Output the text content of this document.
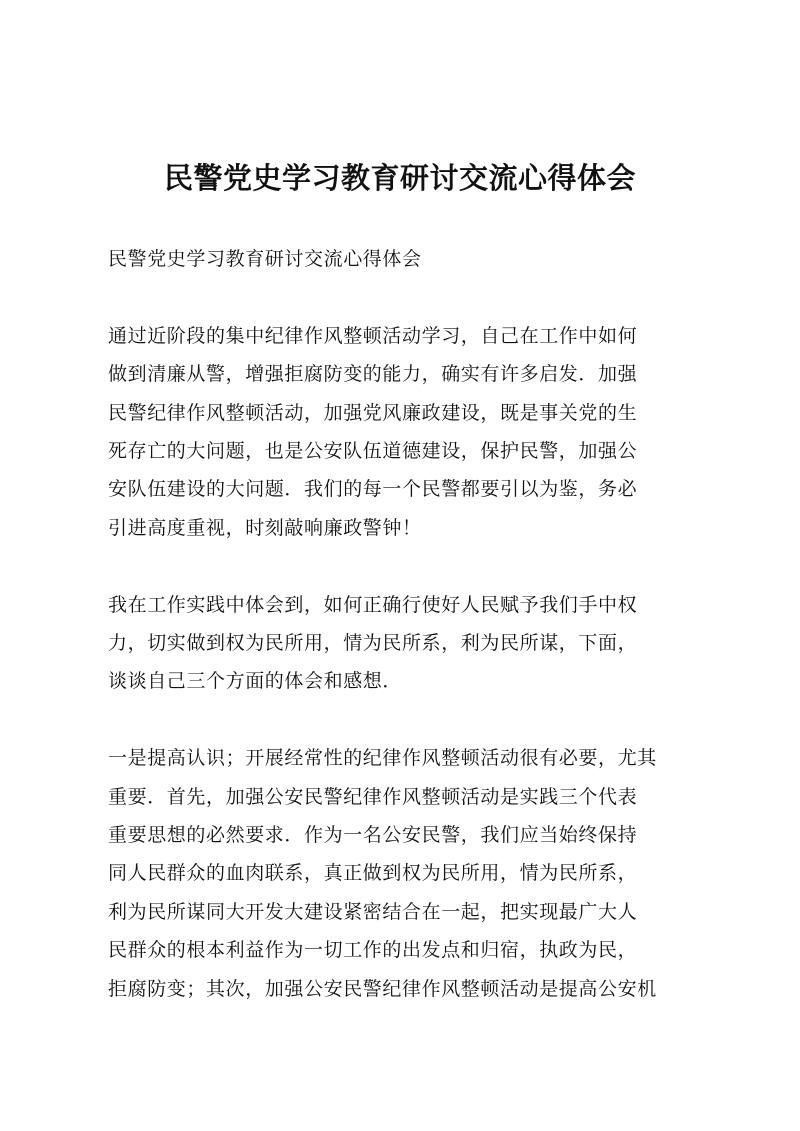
民警党史学习教育研讨交流心得体会
民警党史学习教育研讨交流心得体会
通过近阶段的集中纪律作风整顿活动学习，自己在工作中如何
做到清廉从警，增强拒腐防变的能力，确实有许多启发．加强
民警纪律作风整顿活动，加强党风廉政建设，既是事关党的生
死存亡的大问题，也是公安队伍道德建设，保护民警，加强公
安队伍建设的大问题．我们的每一个民警都要引以为鉴，务必
引进高度重视，时刻敲响廉政警钟！
我在工作实践中体会到，如何正确行使好人民赋予我们手中权
力，切实做到权为民所用，情为民所系，利为民所谋，下面，
谈谈自己三个方面的体会和感想．
一是提高认识；开展经常性的纪律作风整顿活动很有必要，尤其
重要．首先，加强公安民警纪律作风整顿活动是实践三个代表
重要思想的必然要求．作为一名公安民警，我们应当始终保持
同人民群众的血肉联系，真正做到权为民所用，情为民所系，
利为民所谋同大开发大建设紧密结合在一起，把实现最广大人
民群众的根本利益作为一切工作的出发点和归宿，执政为民，
拒腐防变；其次，加强公安民警纪律作风整顿活动是提高公安机
